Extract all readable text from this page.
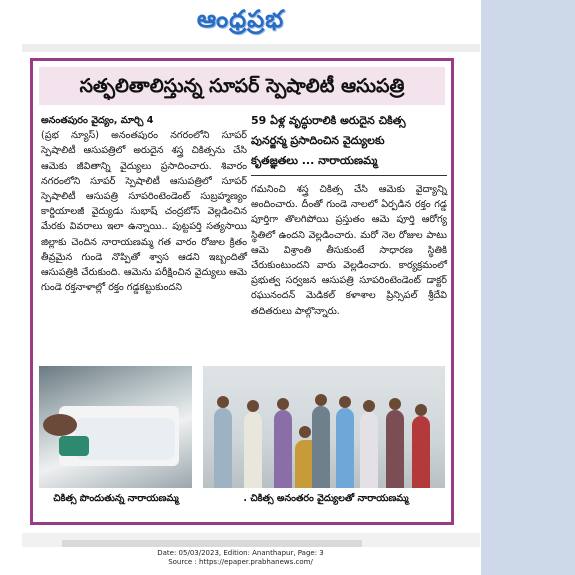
ఆంధ్రప్రభ
సత్ఫలితాలిస్తున్న సూపర్ స్పెషాలిటీ ఆసుపత్రి
అనంతపురం వైద్యం, మార్చి 4
(ప్రభ న్యూస్) అనంతపురం నగరంలోని సూపర్ స్పెషాలిటీ ఆసుపత్రిలో అరుదైన శస్త్ర చికిత్సను చేసి ఆమెకు జీవితాన్ని వైద్యులు ప్రసాదించారు. శివారం నగరంలోని సూపర్ స్పెషాలిటీ ఆసుపత్రిలో సూపర్ స్పెషాలిటీ ఆసుపత్రి సూపరింటెండెంట్ సుబ్రహ్మణ్యం కార్డియాలజీ వైద్యుడు సుభాష్ చంద్రబోస్ వెల్లడించిన మేరకు వివరాలు ఇలా ఉన్నాయి.. పుట్టపర్తి సత్యసాయి జిల్లాకు చెందిన నారాయణమ్మ గత వారం రోజుల క్రితం తీవ్రమైన గుండె నొప్పితో శ్వాస ఆడని ఇబ్బందితో ఆసుపత్రికి చేరుకుంది. ఆమెను పరీక్షించిన వైద్యులు ఆమె గుండె రక్తనాళాల్లో రక్తం గడ్డకట్టుకుందని
59 ఏళ్ల వృద్ధురాలికి అరుదైన చికిత్స
పునర్జన్మ ప్రసాదించిన వైద్యులకు
కృతజ్ఞతలు ... నారాయణమ్మ
గమనించి శస్త్ర చికిత్స చేసి ఆమెకు వైద్యాన్ని అందించారు. దీంతో గుండె నాలలో ఏర్పడిన రక్తం గడ్డ పూర్తిగా తొలగిపోయి ప్రస్తుతం ఆమె పూర్తి ఆరోగ్య స్థితిలో ఉందని వెల్లడించారు. మరో నెల రోజుల పాటు ఆమె విశ్రాంతి తీసుకుంటే సాధారణ స్థితికి చేరుకుంటుందని వారు వెల్లడించారు. కార్యక్రమంలో ప్రభుత్వ సర్వజన ఆసుపత్రి సూపరింటెండెంట్ డాక్టర్ రఘునందన్ మెడికల్ కళాశాల ప్రిన్సిపల్ శ్రీదేవి తదితరులు పాల్గొన్నారు.
చికిత్స పొందుతున్న నారాయణమ్మ	. చికిత్స అనంతరం వైద్యులతో నారాయణమ్మ
Date: 05/03/2023, Edition: Ananthapur, Page: 3
Source : https://epaper.prabhanews.com/
